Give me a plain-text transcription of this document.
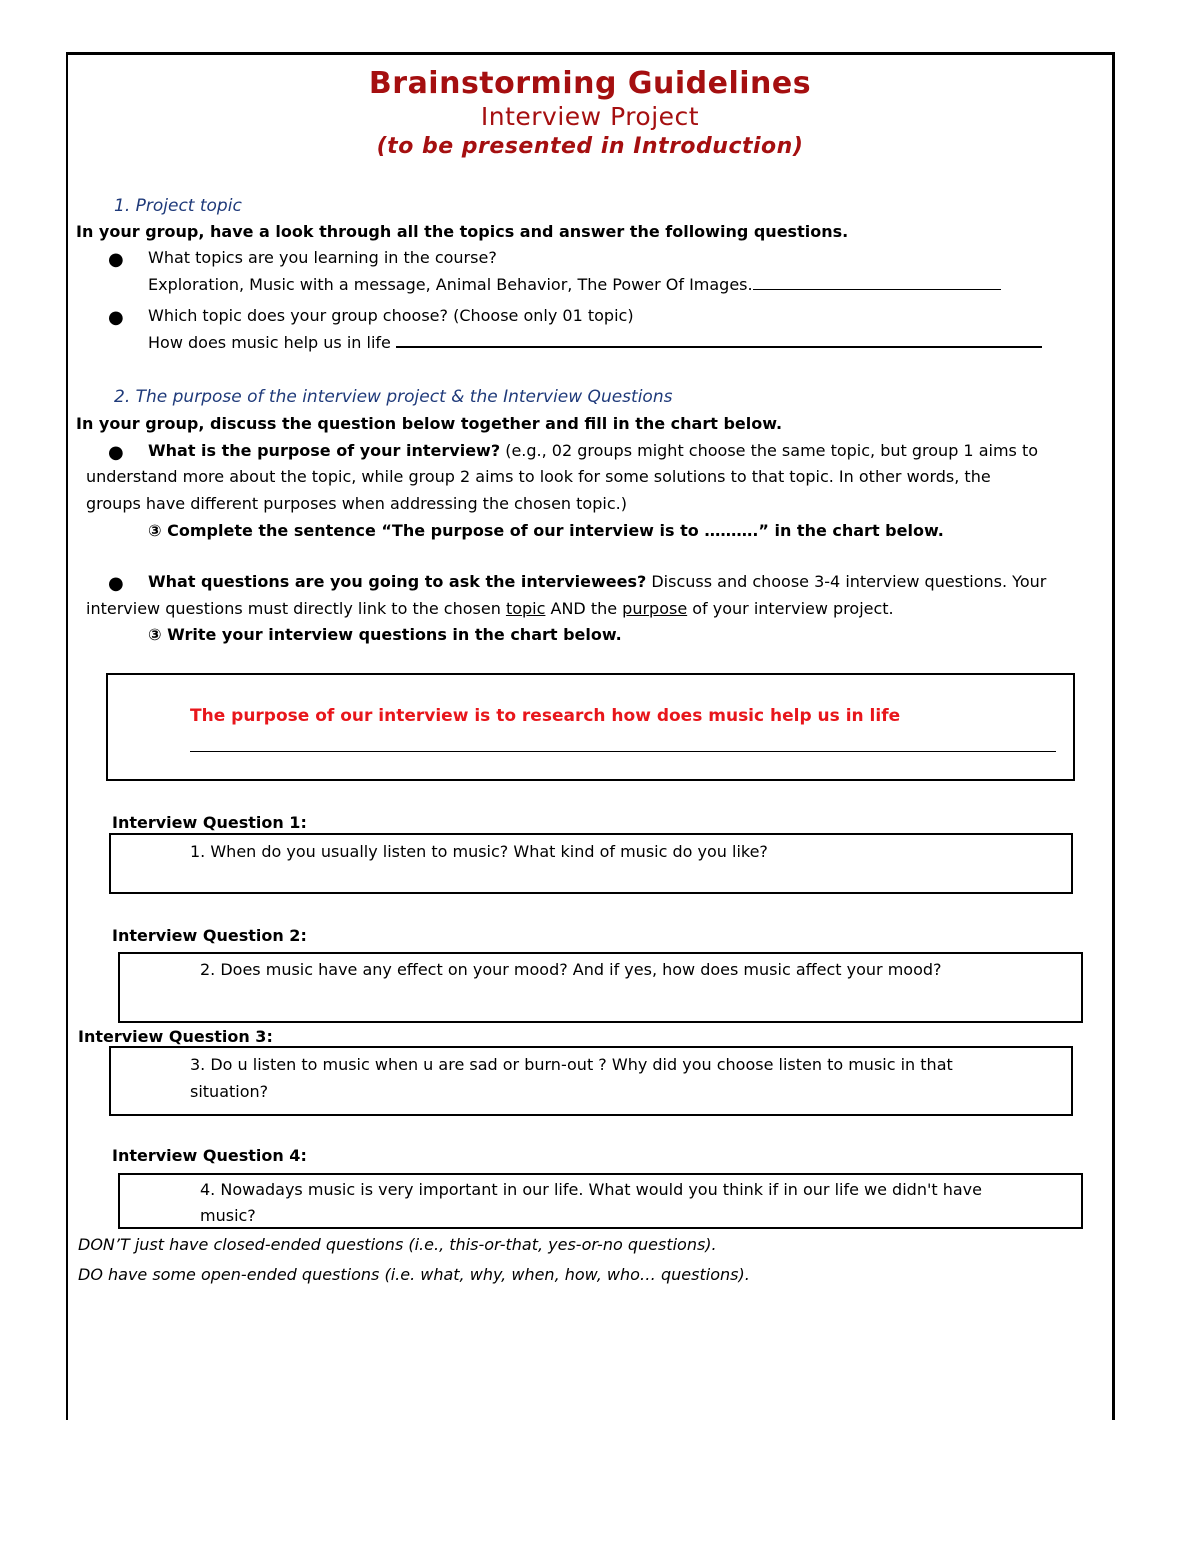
Brainstorming Guidelines
Interview Project
(to be presented in Introduction)
1. Project topic
In your group, have a look through all the topics and answer the following questions.
● What topics are you learning in the course?
Exploration, Music with a message, Animal Behavior, The Power Of Images.
● Which topic does your group choose? (Choose only 01 topic)
How does music help us in life
2. The purpose of the interview project & the Interview Questions
In your group, discuss the question below together and fill in the chart below.
● What is the purpose of your interview? (e.g., 02 groups might choose the same topic, but group 1 aims to
understand more about the topic, while group 2 aims to look for some solutions to that topic. In other words, the
groups have different purposes when addressing the chosen topic.)
③ Complete the sentence “The purpose of our interview is to ……….” in the chart below.
● What questions are you going to ask the interviewees? Discuss and choose 3-4 interview questions. Your
interview questions must directly link to the chosen topic AND the purpose of your interview project.
③ Write your interview questions in the chart below.
The purpose of our interview is to research how does music help us in life
Interview Question 1:
1. When do you usually listen to music? What kind of music do you like?
Interview Question 2:
2. Does music have any effect on your mood? And if yes, how does music affect your mood?
Interview Question 3:
3. Do u listen to music when u are sad or burn-out ? Why did you choose listen to music in that
situation?
Interview Question 4:
4. Nowadays music is very important in our life. What would you think if in our life we didn't have
music?
DON’T just have closed-ended questions (i.e., this-or-that, yes-or-no questions).
DO have some open-ended questions (i.e. what, why, when, how, who… questions).
